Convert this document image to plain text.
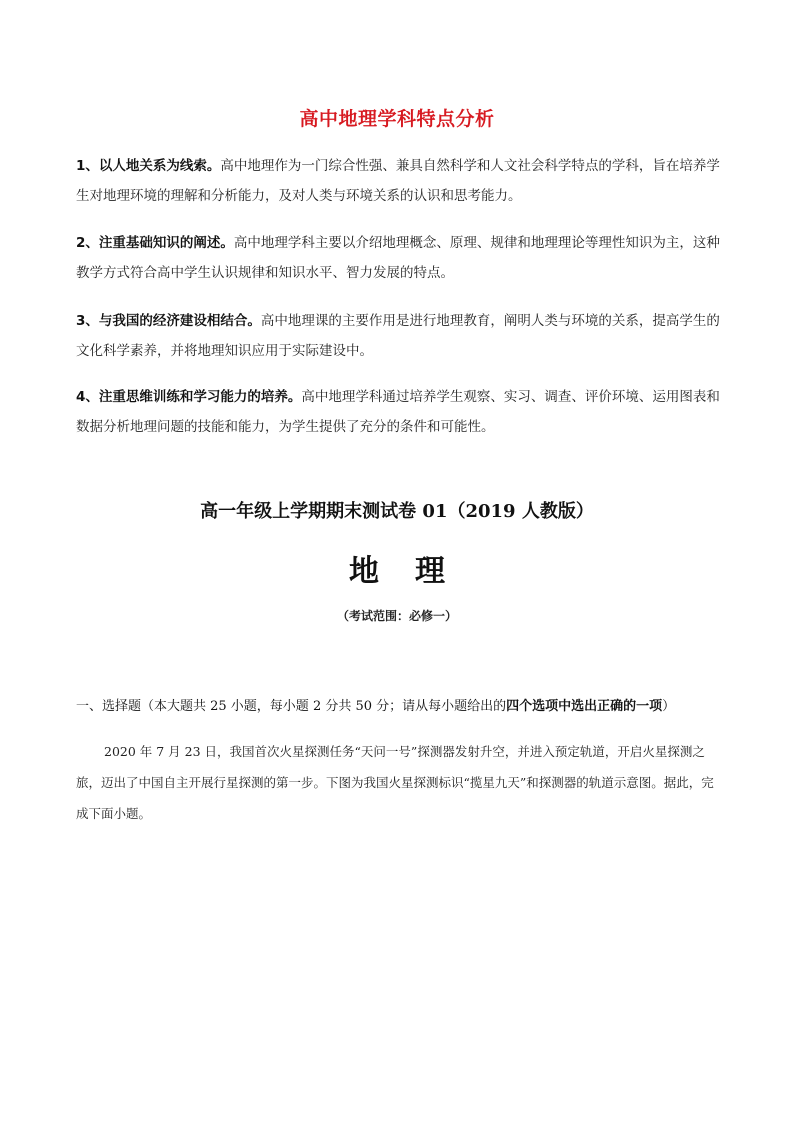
高中地理学科特点分析
1、以人地关系为线索。高中地理作为一门综合性强、兼具自然科学和人文社会科学特点的学科，旨在培养学生对地理环境的理解和分析能力，及对人类与环境关系的认识和思考能力。
2、注重基础知识的阐述。高中地理学科主要以介绍地理概念、原理、规律和地理理论等理性知识为主，这种教学方式符合高中学生认识规律和知识水平、智力发展的特点。
3、与我国的经济建设相结合。高中地理课的主要作用是进行地理教育，阐明人类与环境的关系，提高学生的文化科学素养，并将地理知识应用于实际建设中。
4、注重思维训练和学习能力的培养。高中地理学科通过培养学生观察、实习、调查、评价环境、运用图表和数据分析地理问题的技能和能力，为学生提供了充分的条件和可能性。
高一年级上学期期末测试卷 01（2019 人教版）
地理
（考试范围：必修一）
一、选择题（本大题共 25 小题，每小题 2 分共 50 分；请从每小题给出的四个选项中选出正确的一项）
2020 年 7 月 23 日，我国首次火星探测任务“天问一号”探测器发射升空，并进入预定轨道，开启火星探测之旅，迈出了中国自主开展行星探测的第一步。下图为我国火星探测标识“揽星九天”和探测器的轨道示意图。据此，完成下面小题。
